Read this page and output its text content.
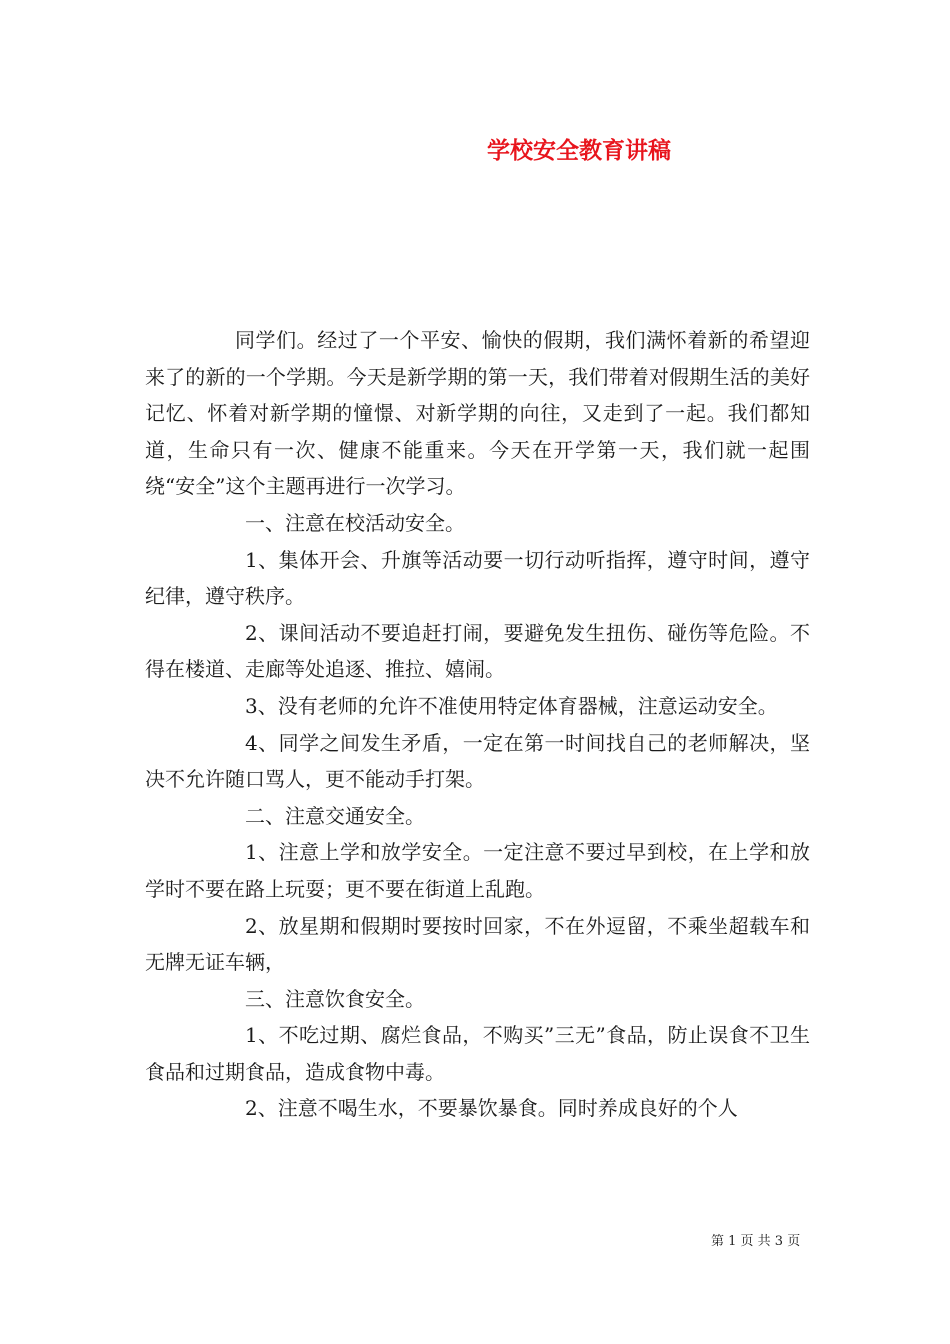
学校安全教育讲稿

同学们。经过了一个平安、愉快的假期，我们满怀着新的希望迎来了的新的一个学期。今天是新学期的第一天，我们带着对假期生活的美好记忆、怀着对新学期的憧憬、对新学期的向往，又走到了一起。我们都知道，生命只有一次、健康不能重来。今天在开学第一天，我们就一起围绕“安全”这个主题再进行一次学习。

一、注意在校活动安全。

1、集体开会、升旗等活动要一切行动听指挥，遵守时间，遵守纪律，遵守秩序。

2、课间活动不要追赶打闹，要避免发生扭伤、碰伤等危险。不得在楼道、走廊等处追逐、推拉、嬉闹。

3、没有老师的允许不准使用特定体育器械，注意运动安全。

4、同学之间发生矛盾，一定在第一时间找自己的老师解决，坚决不允许随口骂人，更不能动手打架。

二、注意交通安全。

1、注意上学和放学安全。一定注意不要过早到校，在上学和放学时不要在路上玩耍；更不要在街道上乱跑。

2、放星期和假期时要按时回家，不在外逗留，不乘坐超载车和无牌无证车辆，

三、注意饮食安全。

1、不吃过期、腐烂食品，不购买”三无”食品，防止误食不卫生食品和过期食品，造成食物中毒。

2、注意不喝生水，不要暴饮暴食。同时养成良好的个人

第 1 页 共 3 页
